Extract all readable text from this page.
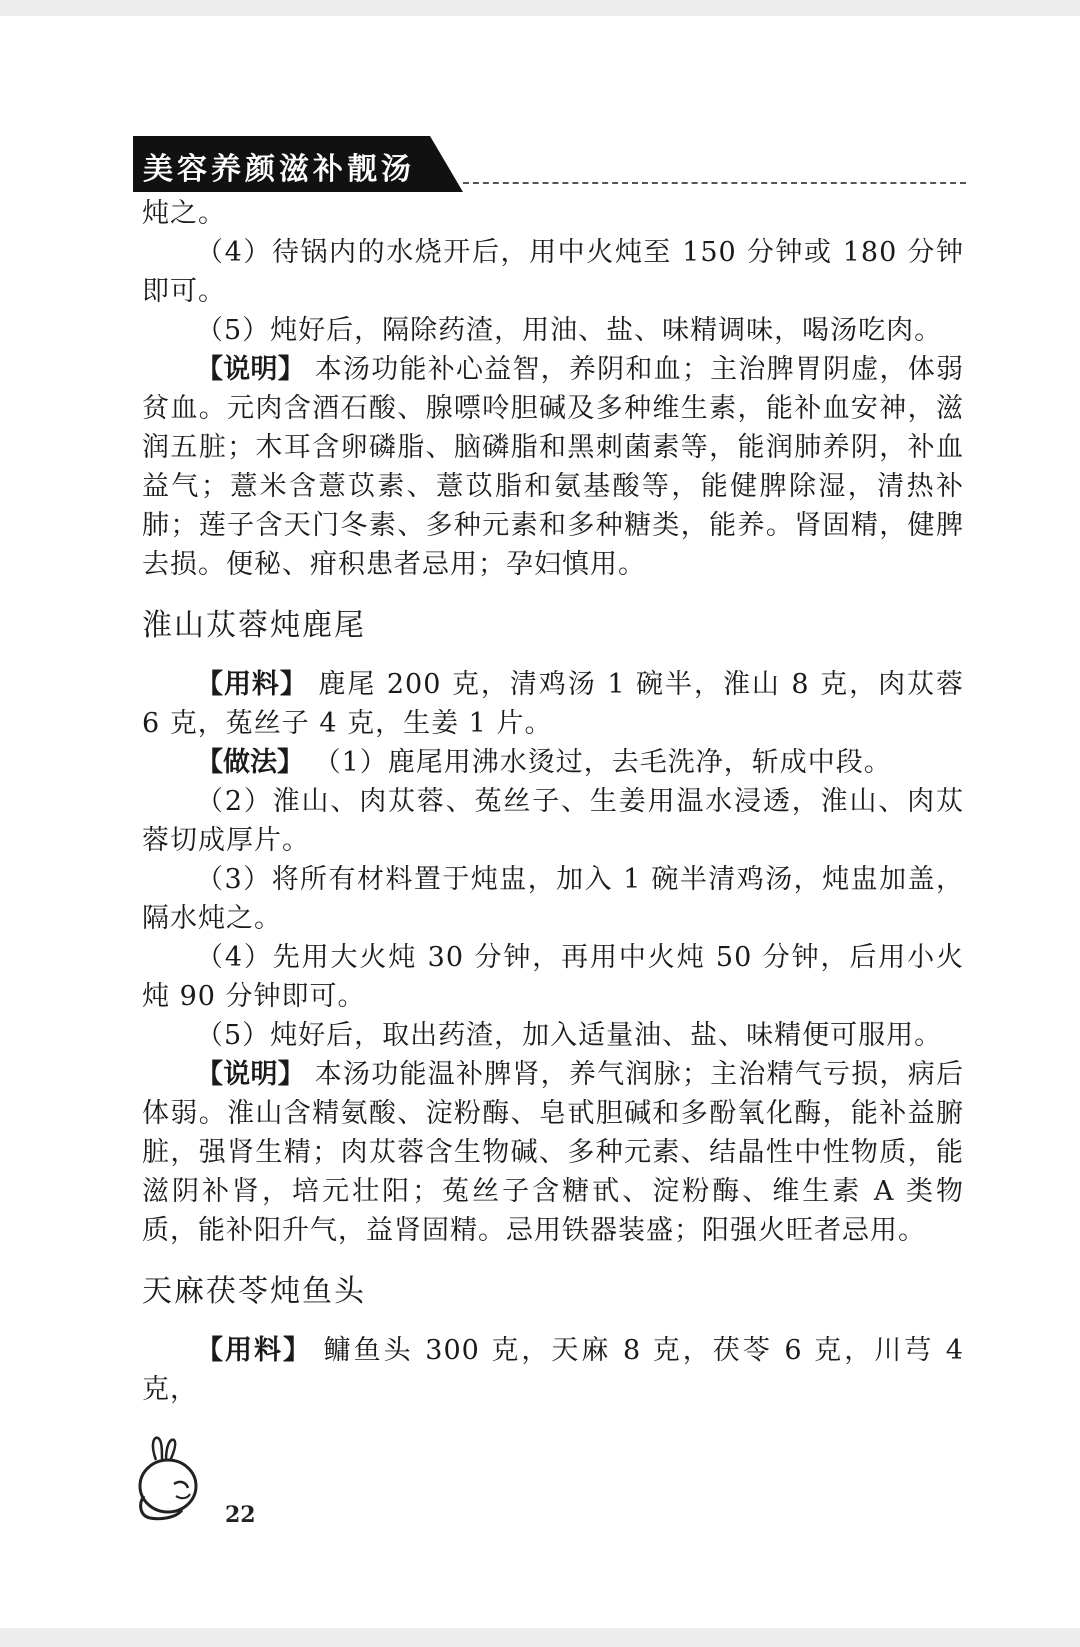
美容养颜滋补靓汤

炖之。

（4）待锅内的水烧开后，用中火炖至 150 分钟或 180 分钟即可。

（5）炖好后，隔除药渣，用油、盐、味精调味，喝汤吃肉。

【说明】 本汤功能补心益智，养阴和血；主治脾胃阴虚，体弱贫血。元肉含酒石酸、腺嘌呤胆碱及多种维生素，能补血安神，滋润五脏；木耳含卵磷脂、脑磷脂和黑刺菌素等，能润肺养阴，补血益气；薏米含薏苡素、薏苡脂和氨基酸等，能健脾除湿，清热补肺；莲子含天门冬素、多种元素和多种糖类，能养。肾固精，健脾去损。便秘、疳积患者忌用；孕妇慎用。

淮山苁蓉炖鹿尾

【用料】 鹿尾 200 克，清鸡汤 1 碗半，淮山 8 克，肉苁蓉 6 克，菟丝子 4 克，生姜 1 片。

【做法】 （1）鹿尾用沸水烫过，去毛洗净，斩成中段。

（2）淮山、肉苁蓉、菟丝子、生姜用温水浸透，淮山、肉苁蓉切成厚片。

（3）将所有材料置于炖盅，加入 1 碗半清鸡汤，炖盅加盖，隔水炖之。

（4）先用大火炖 30 分钟，再用中火炖 50 分钟，后用小火炖 90 分钟即可。

（5）炖好后，取出药渣，加入适量油、盐、味精便可服用。

【说明】 本汤功能温补脾肾，养气润脉；主治精气亏损，病后体弱。淮山含精氨酸、淀粉酶、皂甙胆碱和多酚氧化酶，能补益腑脏，强肾生精；肉苁蓉含生物碱、多种元素、结晶性中性物质，能滋阴补肾，培元壮阳；菟丝子含糖甙、淀粉酶、维生素 A 类物质，能补阳升气，益肾固精。忌用铁器装盛；阳强火旺者忌用。

天麻茯苓炖鱼头

【用料】 鳙鱼头 300 克，天麻 8 克，茯苓 6 克，川芎 4 克，

22
